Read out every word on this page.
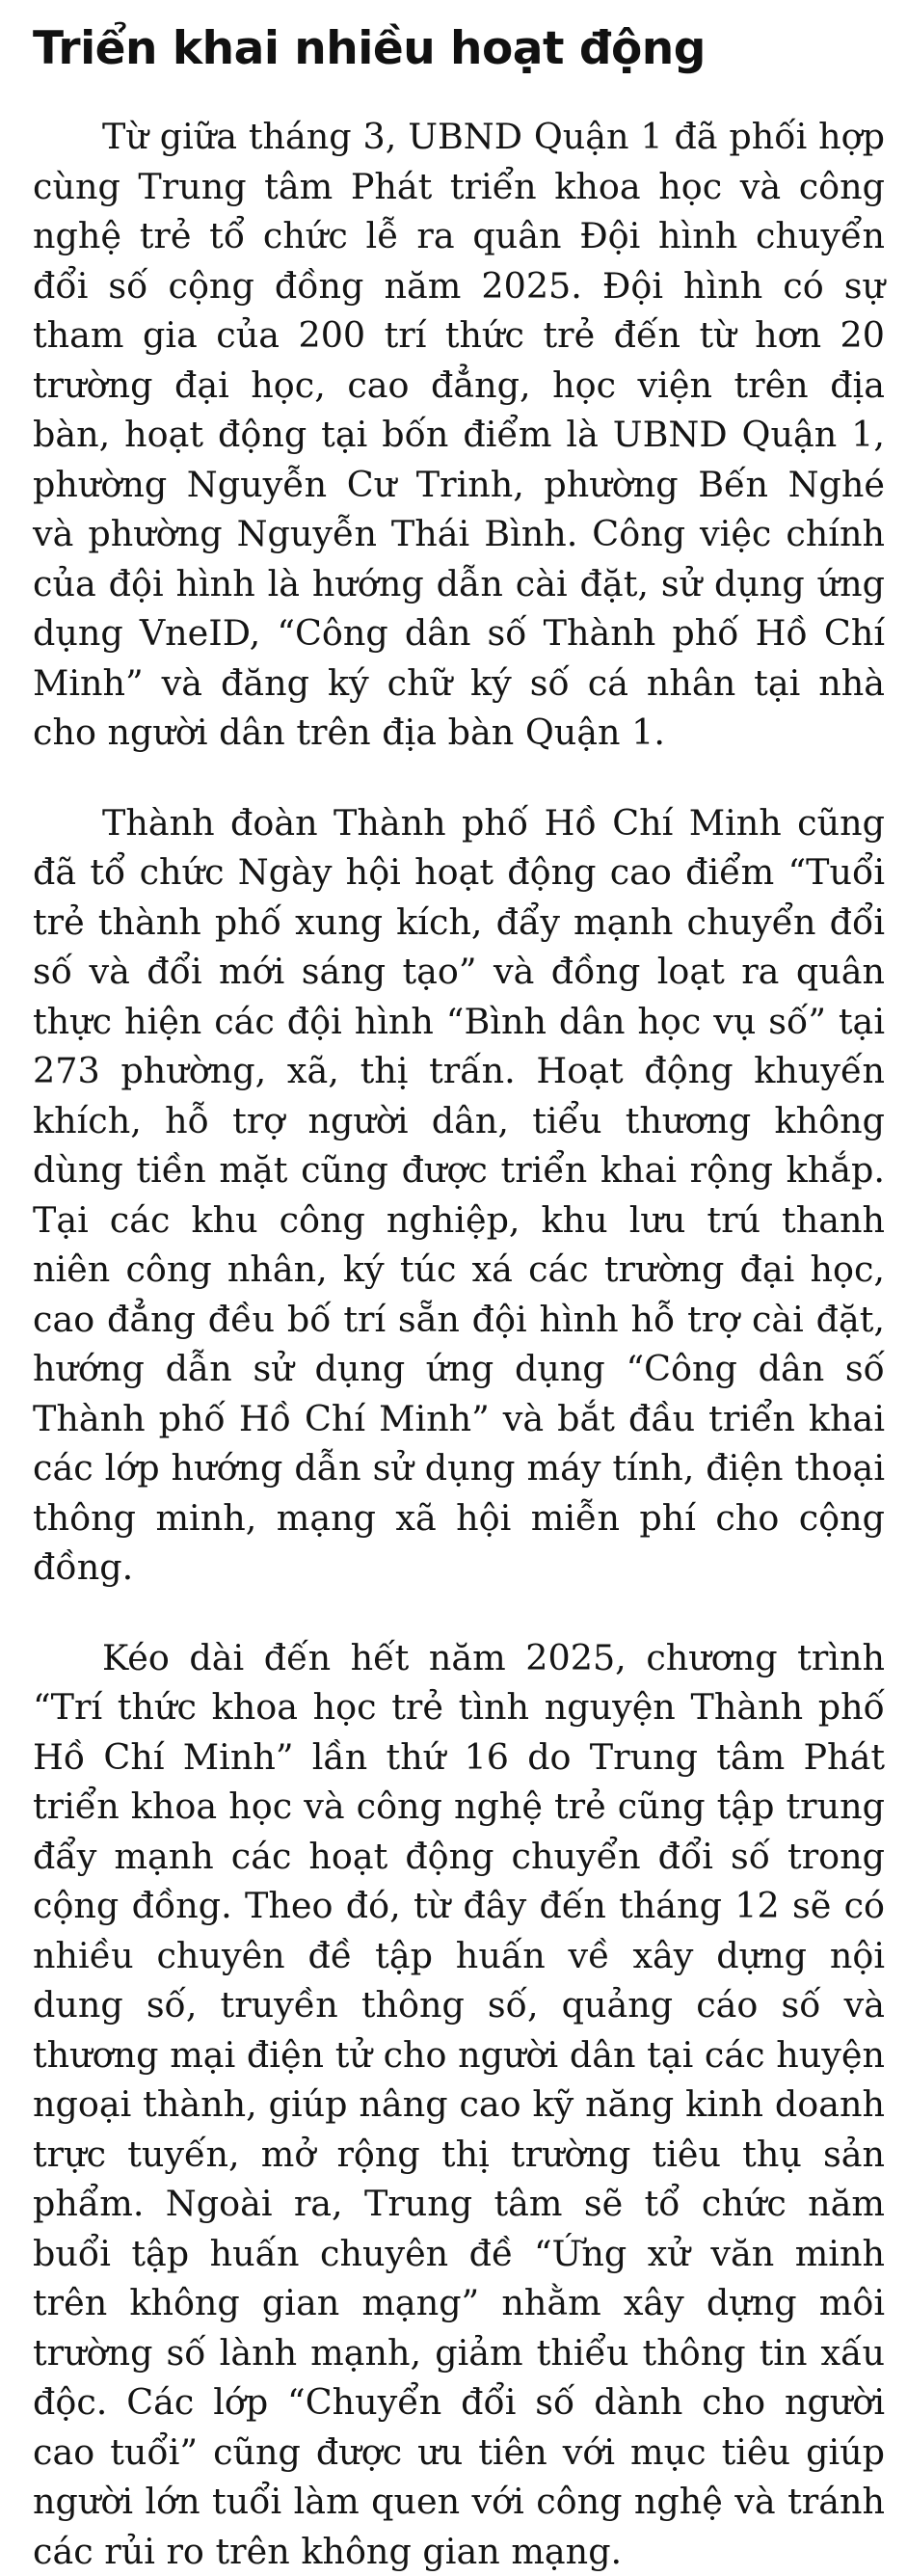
Triển khai nhiều hoạt động

Từ giữa tháng 3, UBND Quận 1 đã phối hợp cùng Trung tâm Phát triển khoa học và công nghệ trẻ tổ chức lễ ra quân Đội hình chuyển đổi số cộng đồng năm 2025. Đội hình có sự tham gia của 200 trí thức trẻ đến từ hơn 20 trường đại học, cao đẳng, học viện trên địa bàn, hoạt động tại bốn điểm là UBND Quận 1, phường Nguyễn Cư Trinh, phường Bến Nghé và phường Nguyễn Thái Bình. Công việc chính của đội hình là hướng dẫn cài đặt, sử dụng ứng dụng VneID, “Công dân số Thành phố Hồ Chí Minh” và đăng ký chữ ký số cá nhân tại nhà cho người dân trên địa bàn Quận 1.

Thành đoàn Thành phố Hồ Chí Minh cũng đã tổ chức Ngày hội hoạt động cao điểm “Tuổi trẻ thành phố xung kích, đẩy mạnh chuyển đổi số và đổi mới sáng tạo” và đồng loạt ra quân thực hiện các đội hình “Bình dân học vụ số” tại 273 phường, xã, thị trấn. Hoạt động khuyến khích, hỗ trợ người dân, tiểu thương không dùng tiền mặt cũng được triển khai rộng khắp. Tại các khu công nghiệp, khu lưu trú thanh niên công nhân, ký túc xá các trường đại học, cao đẳng đều bố trí sẵn đội hình hỗ trợ cài đặt, hướng dẫn sử dụng ứng dụng “Công dân số Thành phố Hồ Chí Minh” và bắt đầu triển khai các lớp hướng dẫn sử dụng máy tính, điện thoại thông minh, mạng xã hội miễn phí cho cộng đồng.

Kéo dài đến hết năm 2025, chương trình “Trí thức khoa học trẻ tình nguyện Thành phố Hồ Chí Minh” lần thứ 16 do Trung tâm Phát triển khoa học và công nghệ trẻ cũng tập trung đẩy mạnh các hoạt động chuyển đổi số trong cộng đồng. Theo đó, từ đây đến tháng 12 sẽ có nhiều chuyên đề tập huấn về xây dựng nội dung số, truyền thông số, quảng cáo số và thương mại điện tử cho người dân tại các huyện ngoại thành, giúp nâng cao kỹ năng kinh doanh trực tuyến, mở rộng thị trường tiêu thụ sản phẩm. Ngoài ra, Trung tâm sẽ tổ chức năm buổi tập huấn chuyên đề “Ứng xử văn minh trên không gian mạng” nhằm xây dựng môi trường số lành mạnh, giảm thiểu thông tin xấu độc. Các lớp “Chuyển đổi số dành cho người cao tuổi” cũng được ưu tiên với mục tiêu giúp người lớn tuổi làm quen với công nghệ và tránh các rủi ro trên không gian mạng.
